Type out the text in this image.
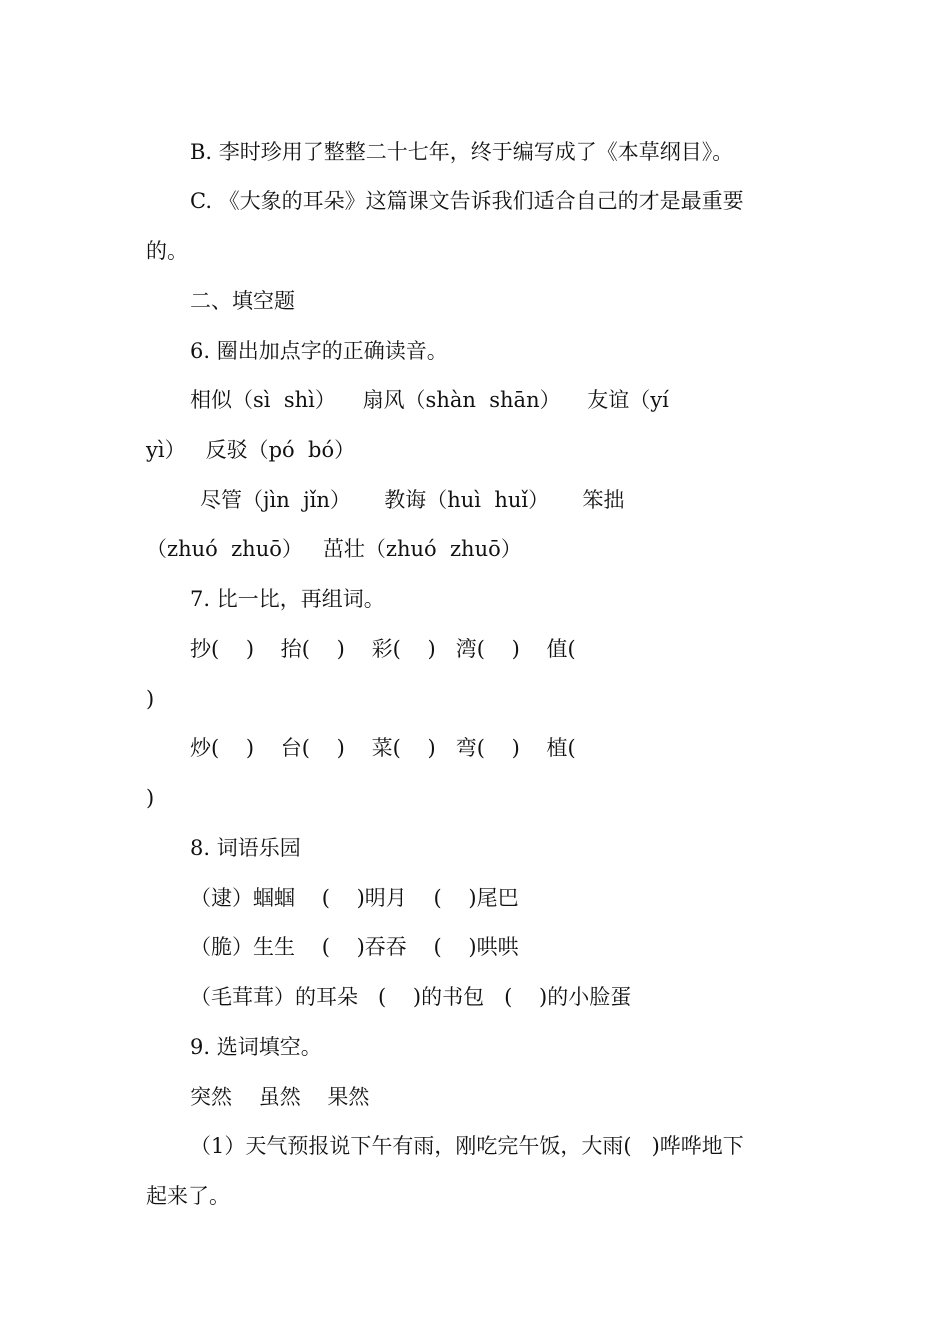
B. 李时珍用了整整二十七年，终于编写成了《本草纲目》。
C. 《大象的耳朵》这篇课文告诉我们适合自己的才是最重要
的。
二、填空题
6. 圈出加点字的正确读音。
相似（sì  shì）    扇风（shàn  shān）    友谊（yí
yì）   反驳（pó  bó）
尽管（jìn  jǐn）     教诲（huì  huǐ）     笨拙
（zhuó  zhuō）   茁壮（zhuó  zhuō）
7. 比一比，再组词。
抄(    )    抬(    )    彩(    )   湾(    )    值(
)
炒(    )    台(    )    菜(    )   弯(    )    植(
)
8. 词语乐园
（逮）蝈蝈    (    )明月    (    )尾巴
（脆）生生    (    )吞吞    (    )哄哄
（毛茸茸）的耳朵   (    )的书包   (    )的小脸蛋
9. 选词填空。
突然    虽然    果然
（1）天气预报说下午有雨，刚吃完午饭，大雨(   )哗哗地下
起来了。
